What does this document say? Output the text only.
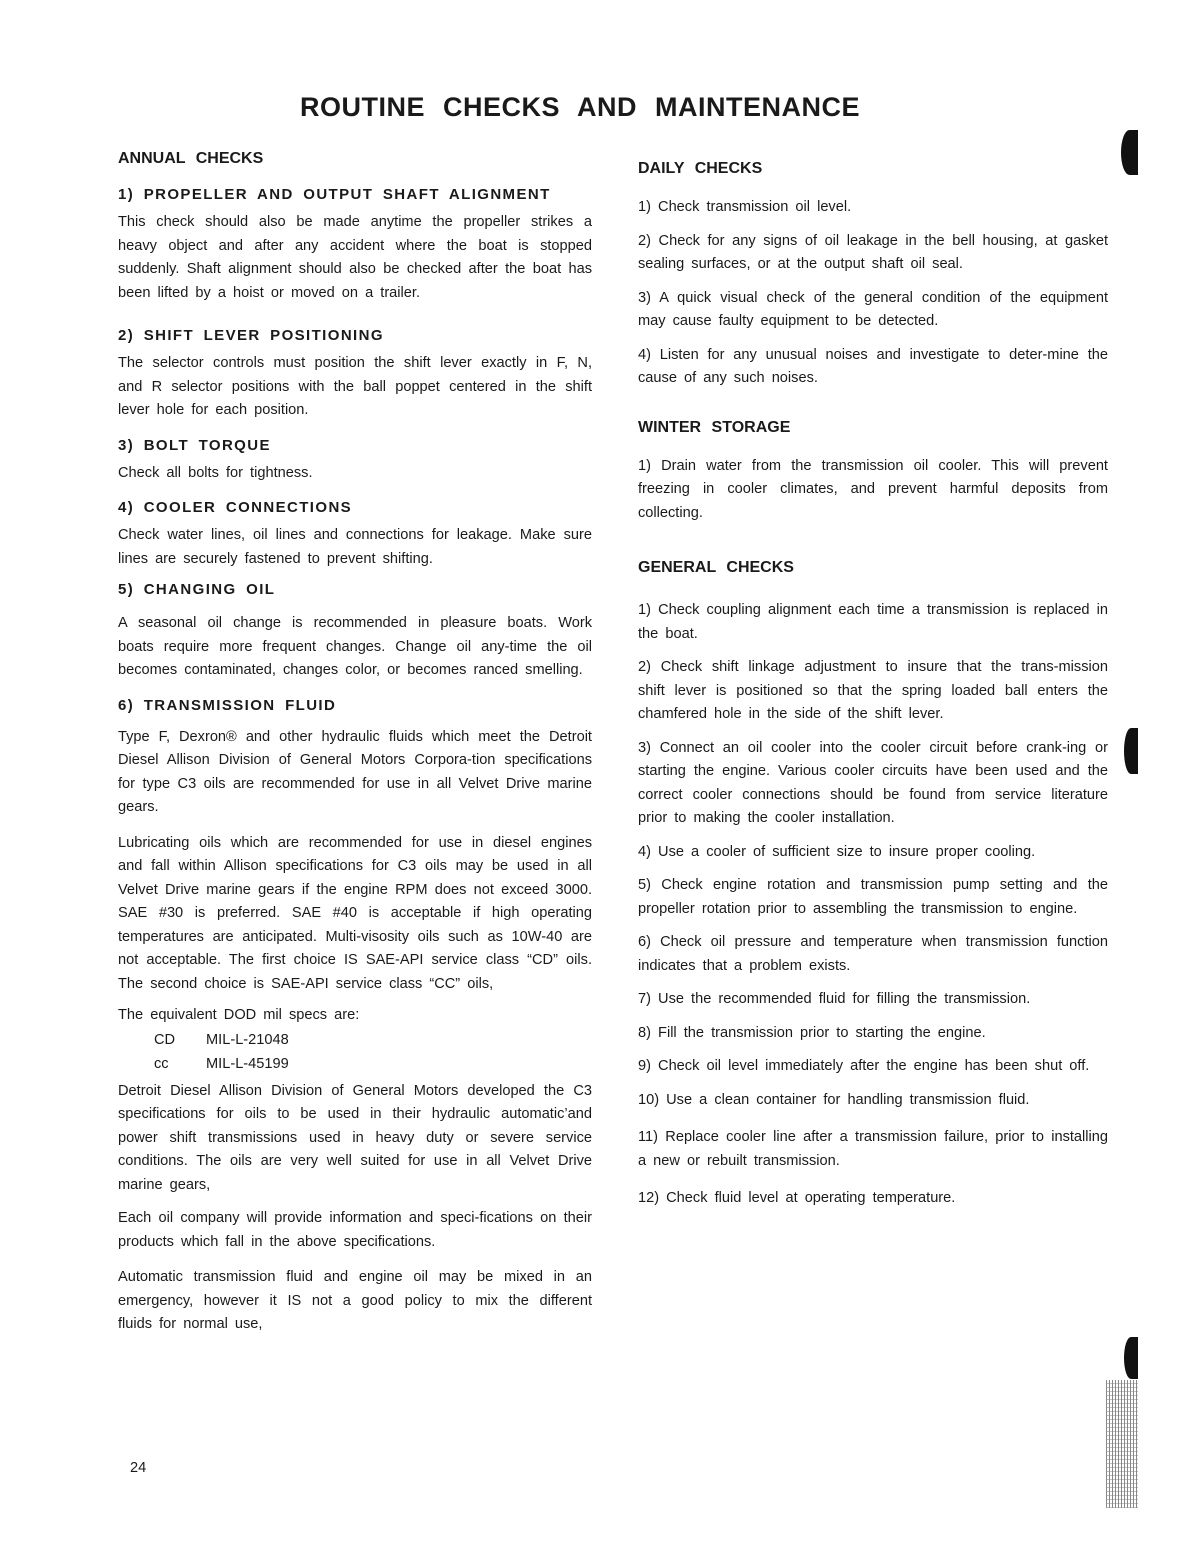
ROUTINE CHECKS AND MAINTENANCE
ANNUAL CHECKS
1) PROPELLER AND OUTPUT SHAFT ALIGNMENT

This check should also be made anytime the propeller strikes a heavy object and after any accident where the boat is stopped suddenly. Shaft alignment should also be checked after the boat has been lifted by a hoist or moved on a trailer.

2) SHIFT LEVER POSITIONING

The selector controls must position the shift lever exactly in F, N, and R selector positions with the ball poppet centered in the shift lever hole for each position.

3) BOLT TORQUE

Check all bolts for tightness.

4) COOLER CONNECTIONS

Check water lines, oil lines and connections for leakage. Make sure lines are securely fastened to prevent shifting.

5) CHANGING OIL

A seasonal oil change is recommended in pleasure boats. Work boats require more frequent changes. Change oil any-time the oil becomes contaminated, changes color, or becomes ranced smelling.

6) TRANSMISSION FLUID

Type F, Dexron® and other hydraulic fluids which meet the Detroit Diesel Allison Division of General Motors Corpora-tion specifications for type C3 oils are recommended for use in all Velvet Drive marine gears.

Lubricating oils which are recommended for use in diesel engines and fall within Allison specifications for C3 oils may be used in all Velvet Drive marine gears if the engine RPM does not exceed 3000. SAE #30 is preferred. SAE #40 is acceptable if high operating temperatures are anticipated. Multi-visosity oils such as 10W-40 are not acceptable. The first choice IS SAE-API service class “CD” oils. The second choice is SAE-API service class “CC” oils,

The equivalent DOD mil specs are:

CD	MIL-L-21048
cc	MIL-L-45199

Detroit Diesel Allison Division of General Motors developed the C3 specifications for oils to be used in their hydraulic automatic’and power shift transmissions used in heavy duty or severe service conditions. The oils are very well suited for use in all Velvet Drive marine gears,

Each oil company will provide information and speci-fications on their products which fall in the above specifications.

Automatic transmission fluid and engine oil may be mixed in an emergency, however it IS not a good policy to mix the different fluids for normal use,

DAILY CHECKS

1) Check transmission oil level.

2) Check for any signs of oil leakage in the bell housing, at gasket sealing surfaces, or at the output shaft oil seal.

3) A quick visual check of the general condition of the equipment may cause faulty equipment to be detected.

4) Listen for any unusual noises and investigate to deter-mine the cause of any such noises.

WINTER STORAGE

1) Drain water from the transmission oil cooler. This will prevent freezing in cooler climates, and prevent harmful deposits from collecting.

GENERAL CHECKS

1) Check coupling alignment each time a transmission is replaced in the boat.

2) Check shift linkage adjustment to insure that the trans-mission shift lever is positioned so that the spring loaded ball enters the chamfered hole in the side of the shift lever.

3) Connect an oil cooler into the cooler circuit before crank-ing or starting the engine. Various cooler circuits have been used and the correct cooler connections should be found from service literature prior to making the cooler installation.

4) Use a cooler of sufficient size to insure proper cooling.

5) Check engine rotation and transmission pump setting and the propeller rotation prior to assembling the transmission to engine.

6) Check oil pressure and temperature when transmission function indicates that a problem exists.

7) Use the recommended fluid for filling the transmission.

8) Fill the transmission prior to starting the engine.

9) Check oil level immediately after the engine has been shut off.

10) Use a clean container for handling transmission fluid.

11) Replace cooler line after a transmission failure, prior to installing a new or rebuilt transmission.

12) Check fluid level at operating temperature.

24
